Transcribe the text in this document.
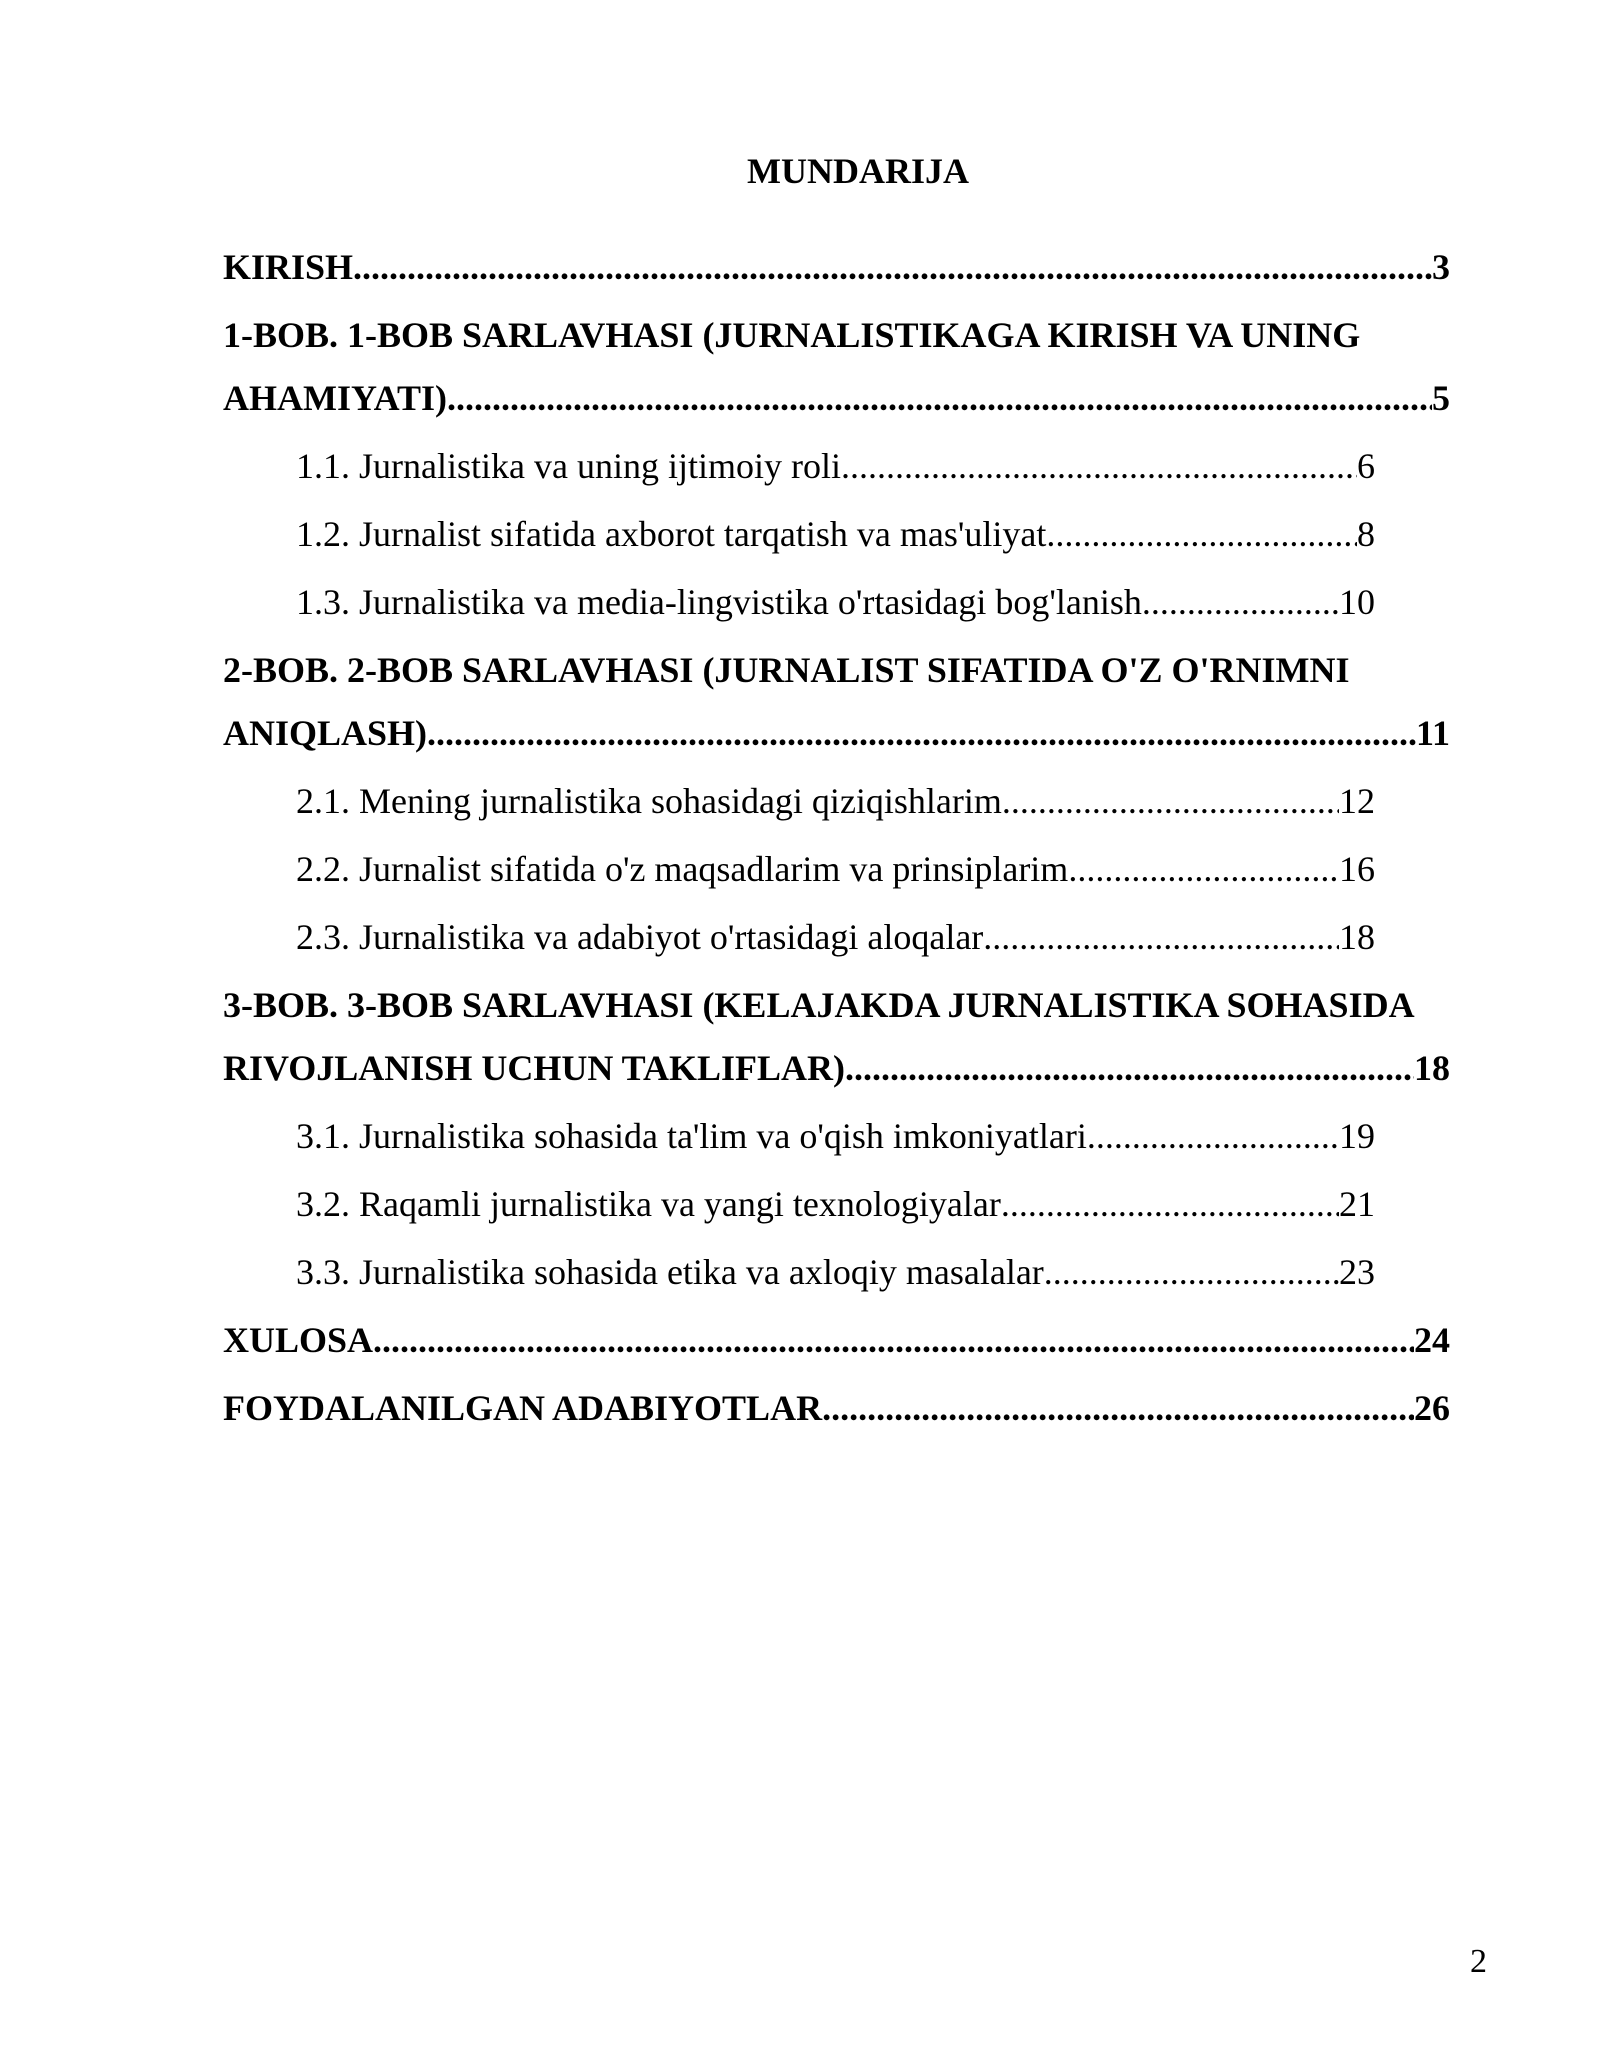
MUNDARIJA
KIRISH .....	3
1-BOB. 1-BOB SARLAVHASI (JURNALISTIKAGA KIRISH VA UNING
AHAMIYATI) .....	5
1.1. Jurnalistika va uning ijtimoiy roli .....	6
1.2. Jurnalist sifatida axborot tarqatish va mas'uliyat .....	8
1.3. Jurnalistika va media-lingvistika o'rtasidagi bog'lanish .....	10
2-BOB. 2-BOB SARLAVHASI (JURNALIST SIFATIDA O'Z O'RNIMNI
ANIQLASH) .....	11
2.1. Mening jurnalistika sohasidagi qiziqishlarim .....	12
2.2. Jurnalist sifatida o'z maqsadlarim va prinsiplarim .....	16
2.3. Jurnalistika va adabiyot o'rtasidagi aloqalar .....	18
3-BOB. 3-BOB SARLAVHASI (KELAJAKDA JURNALISTIKA SOHASIDA
RIVOJLANISH UCHUN TAKLIFLAR) .....	18
3.1. Jurnalistika sohasida ta'lim va o'qish imkoniyatlari .....	19
3.2. Raqamli jurnalistika va yangi texnologiyalar .....	21
3.3. Jurnalistika sohasida etika va axloqiy masalalar .....	23
XULOSA .....	24
FOYDALANILGAN ADABIYOTLAR .....	26
2
